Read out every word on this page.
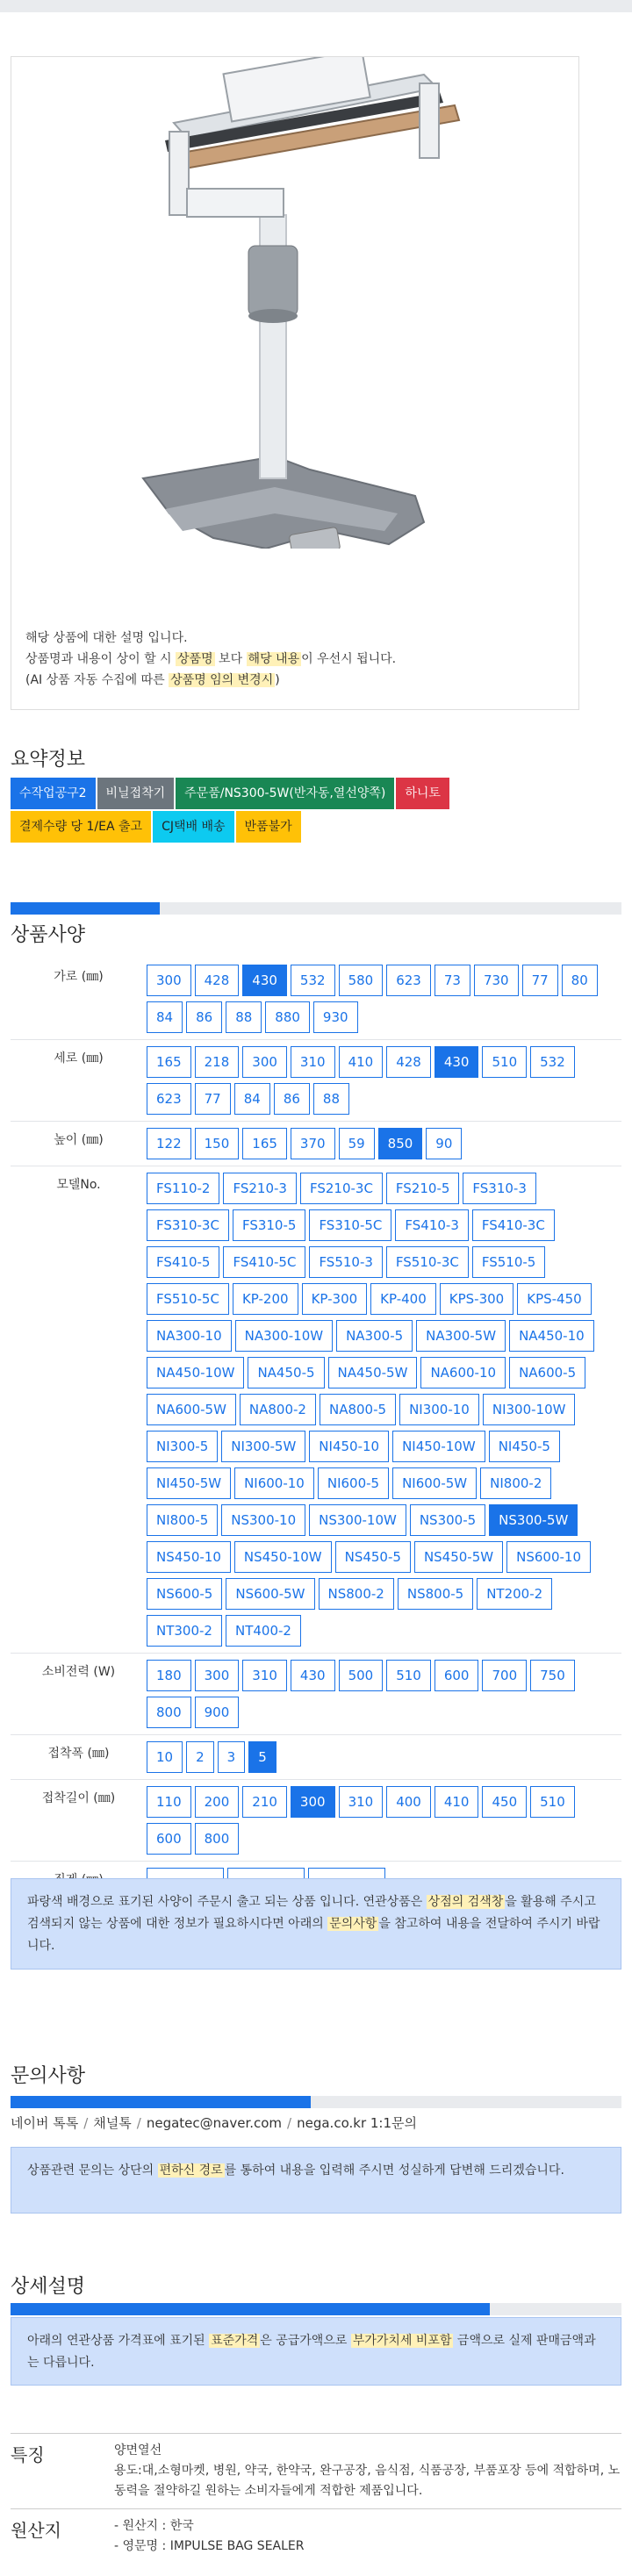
해당 상품에 대한 설명 입니다.
상품명과 내용이 상이 할 시 상품명 보다 해당 내용 이 우선시 됩니다.
(AI 상품 자동 수집에 따른 상품명 임의 변경시 )
요약정보
수작업공구2	비닐접착기	주문품/NS300-5W(반자동,열선양쪽)	하니토
결제수량 당 1/EA 출고	CJ택배 배송	반품불가
상품사양
가로 (㎜)	300	428	430	532	580	623	73	730	77	80
84	86	88	880	930
세로 (㎜)	165	218	300	310	410	428	430	510	532
623	77	84	86	88
높이 (㎜)	122	150	165	370	59	850	90
모델No.	FS110-2	FS210-3	FS210-3C	FS210-5	FS310-3
FS310-3C	FS310-5	FS310-5C	FS410-3	FS410-3C
FS410-5	FS410-5C	FS510-3	FS510-3C	FS510-5
FS510-5C	KP-200	KP-300	KP-400	KPS-300	KPS-450
NA300-10	NA300-10W	NA300-5	NA300-5W	NA450-10
NA450-10W	NA450-5	NA450-5W	NA600-10	NA600-5
NA600-5W	NA800-2	NA800-5	NI300-10	NI300-10W
NI300-5	NI300-5W	NI450-10	NI450-10W	NI450-5
NI450-5W	NI600-10	NI600-5	NI600-5W	NI800-2
NI800-5	NS300-10	NS300-10W	NS300-5	NS300-5W
NS450-10	NS450-10W	NS450-5	NS450-5W	NS600-10
NS600-5	NS600-5W	NS800-2	NS800-5	NT200-2
NT300-2	NT400-2
소비전력 (W)	180	300	310	430	500	510	600	700	750
800	900
접착폭 (㎜)	10	2	3	5
접착길이 (㎜)	110	200	210	300	310	400	410	450	510
600	800
파랑색 배경으로 표기된 사양이 주문시 출고 되는 상품 입니다. 연관상품은 상점의 검색창 을 활용해 주시고 검색되지 않는 상품에 대한 정보가 필요하시다면 아래의 문의사항 을 참고하여 내용을 전달하여 주시기 바랍니다.
문의사항
네이버 톡톡 / 채널톡 / negatec@naver.com / nega.co.kr 1:1문의
상품관련 문의는 상단의 편하신 경로 를 통하여 내용을 입력해 주시면 성실하게 답변해 드리겠습니다.
상세설명
아래의 연관상품 가격표에 표기된 표준가격 은 공급가액으로 부가가치세 비포함 금액으로 실제 판매금액과는 다릅니다.
특징	양면열선
용도:대,소형마켓, 병원, 약국, 한약국, 완구공장, 음식점, 식품공장, 부품포장 등에 적합하며, 노동력을 절약하길 원하는 소비자들에게 적합한 제품입니다.
원산지	- 원산지 : 한국
- 영문명 : IMPULSE BAG SEALER
